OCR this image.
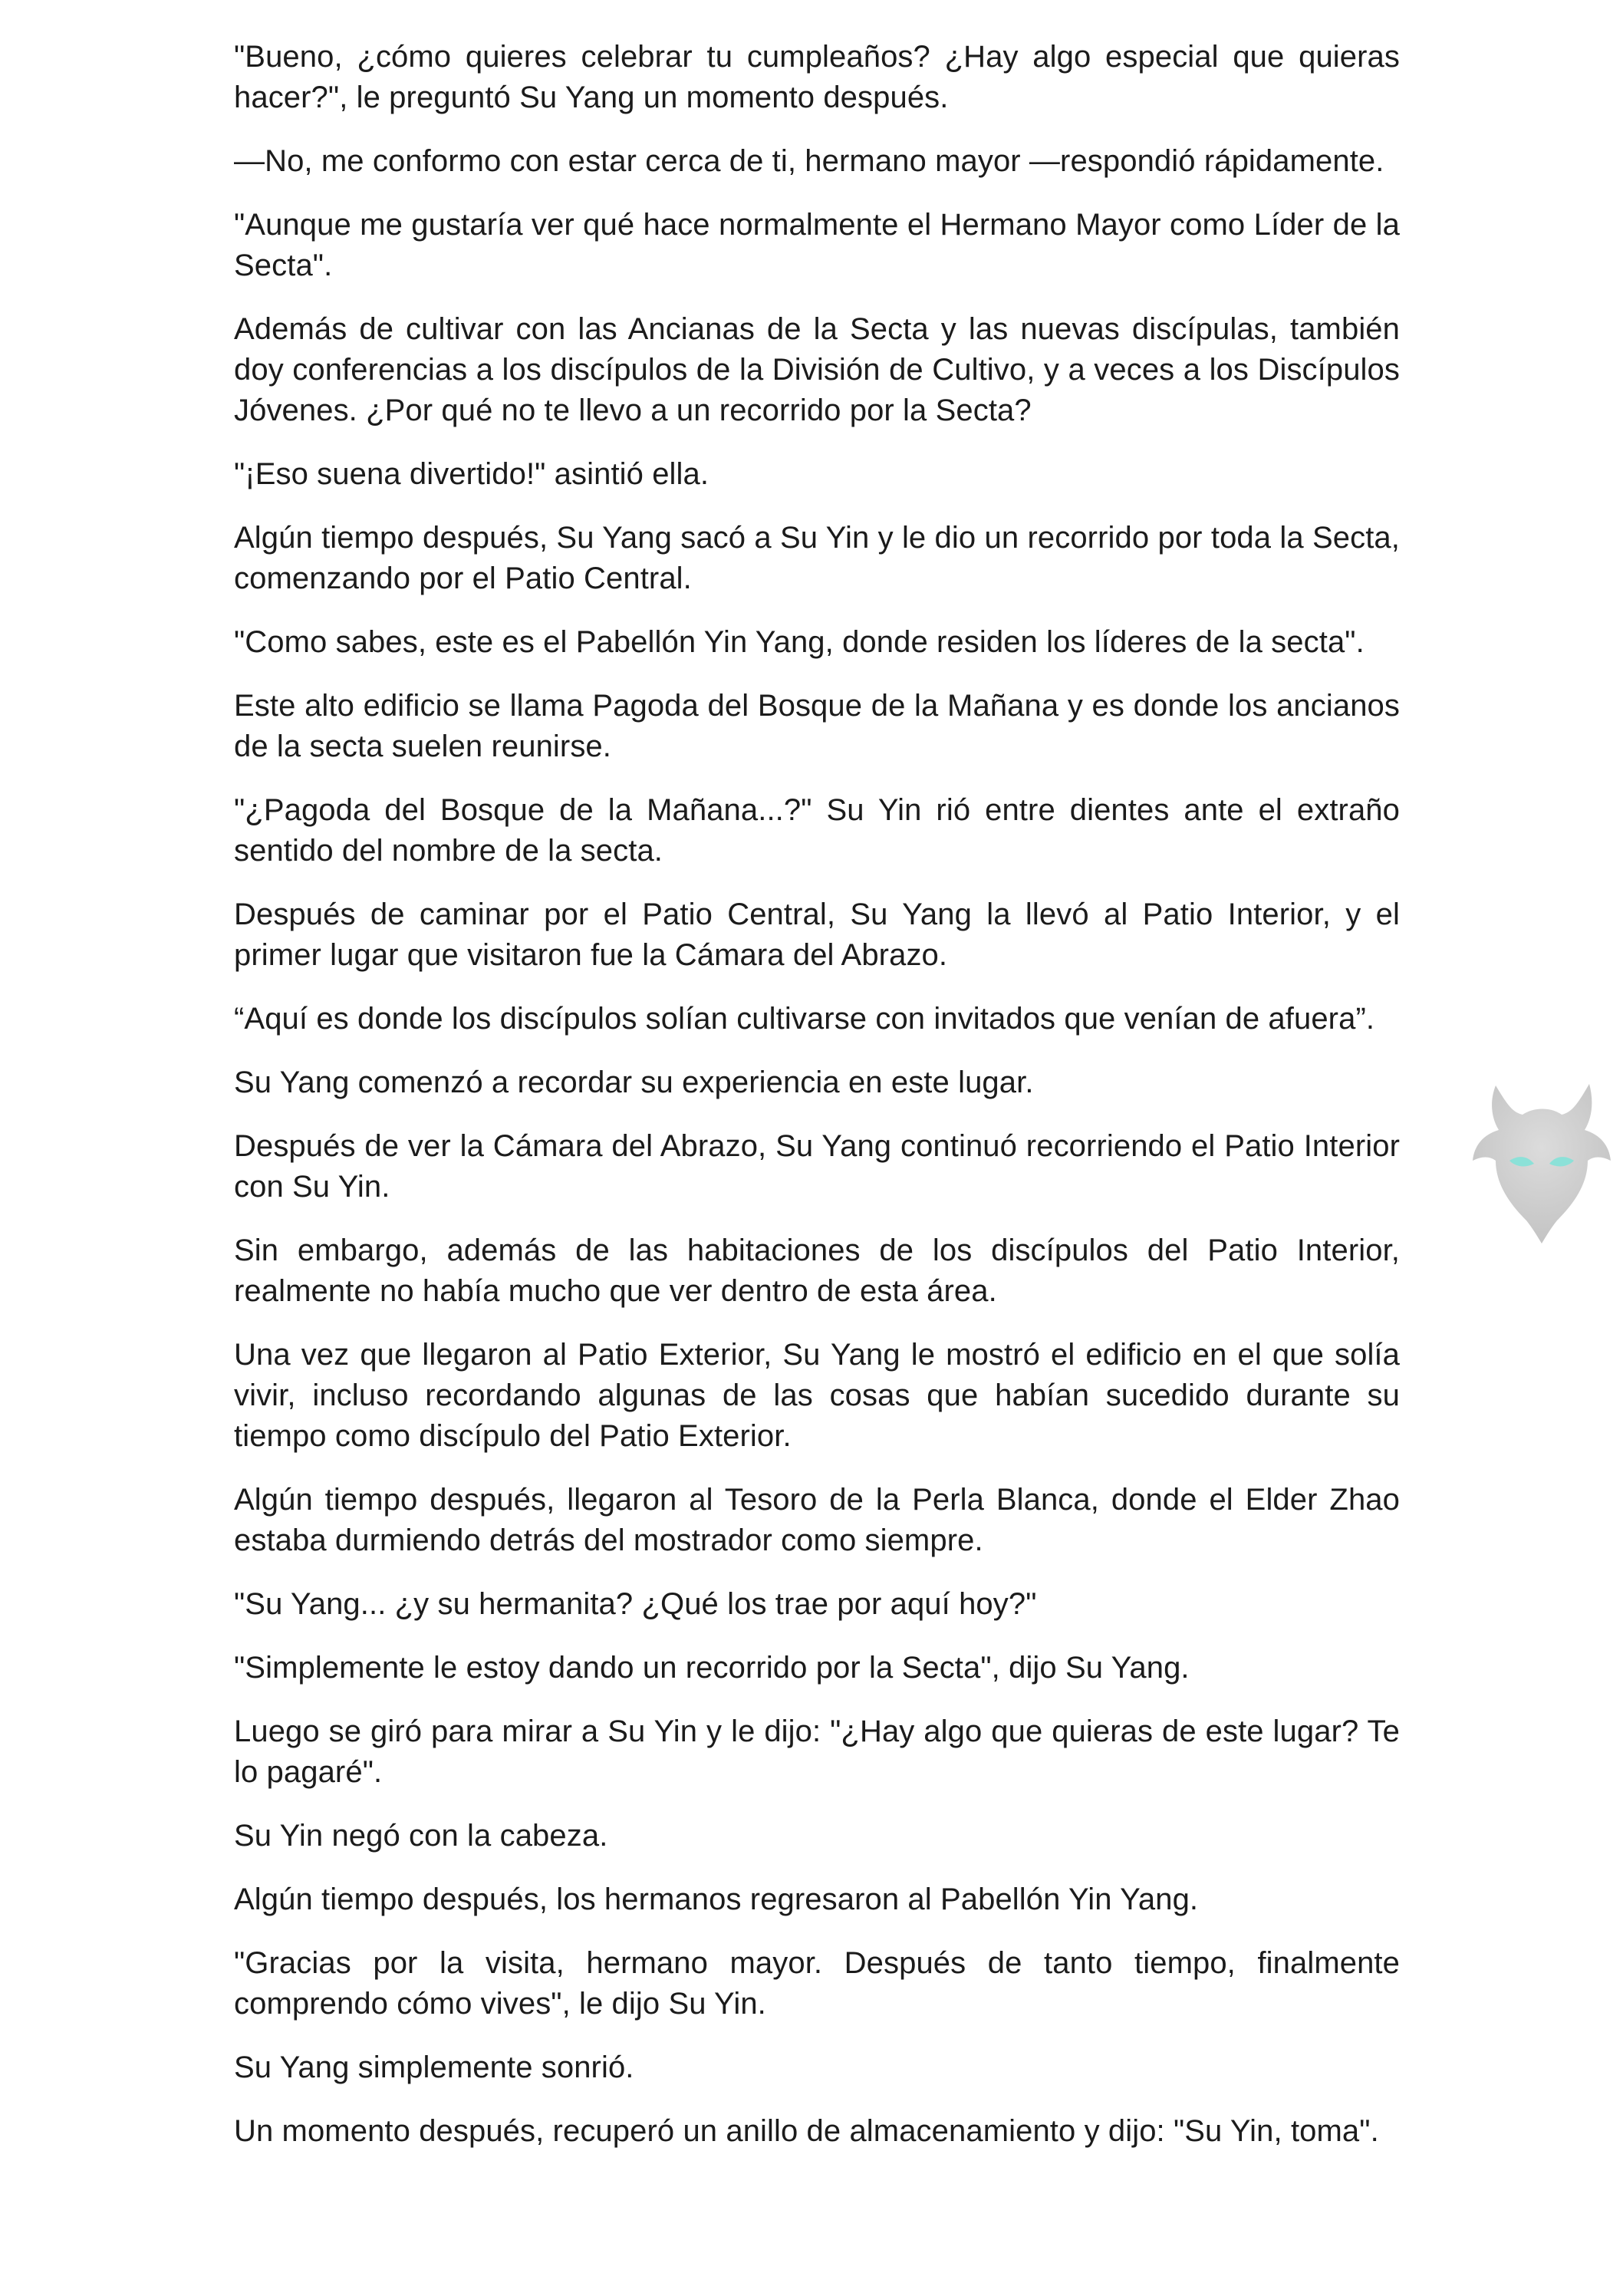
"Bueno, ¿cómo quieres celebrar tu cumpleaños? ¿Hay algo especial que quieras hacer?", le preguntó Su Yang un momento después.

—No, me conformo con estar cerca de ti, hermano mayor —respondió rápidamente.

"Aunque me gustaría ver qué hace normalmente el Hermano Mayor como Líder de la Secta".

Además de cultivar con las Ancianas de la Secta y las nuevas discípulas, también doy conferencias a los discípulos de la División de Cultivo, y a veces a los Discípulos Jóvenes. ¿Por qué no te llevo a un recorrido por la Secta?

"¡Eso suena divertido!" asintió ella.

Algún tiempo después, Su Yang sacó a Su Yin y le dio un recorrido por toda la Secta, comenzando por el Patio Central.

"Como sabes, este es el Pabellón Yin Yang, donde residen los líderes de la secta".

Este alto edificio se llama Pagoda del Bosque de la Mañana y es donde los ancianos de la secta suelen reunirse.

"¿Pagoda del Bosque de la Mañana...?" Su Yin rió entre dientes ante el extraño sentido del nombre de la secta.

Después de caminar por el Patio Central, Su Yang la llevó al Patio Interior, y el primer lugar que visitaron fue la Cámara del Abrazo.

“Aquí es donde los discípulos solían cultivarse con invitados que venían de afuera”.

Su Yang comenzó a recordar su experiencia en este lugar.

Después de ver la Cámara del Abrazo, Su Yang continuó recorriendo el Patio Interior con Su Yin.

Sin embargo, además de las habitaciones de los discípulos del Patio Interior, realmente no había mucho que ver dentro de esta área.

Una vez que llegaron al Patio Exterior, Su Yang le mostró el edificio en el que solía vivir, incluso recordando algunas de las cosas que habían sucedido durante su tiempo como discípulo del Patio Exterior.

Algún tiempo después, llegaron al Tesoro de la Perla Blanca, donde el Elder Zhao estaba durmiendo detrás del mostrador como siempre.

"Su Yang... ¿y su hermanita? ¿Qué los trae por aquí hoy?"

"Simplemente le estoy dando un recorrido por la Secta", dijo Su Yang.

Luego se giró para mirar a Su Yin y le dijo: "¿Hay algo que quieras de este lugar? Te lo pagaré".

Su Yin negó con la cabeza.

Algún tiempo después, los hermanos regresaron al Pabellón Yin Yang.

"Gracias por la visita, hermano mayor. Después de tanto tiempo, finalmente comprendo cómo vives", le dijo Su Yin.

Su Yang simplemente sonrió.

Un momento después, recuperó un anillo de almacenamiento y dijo: "Su Yin, toma".
